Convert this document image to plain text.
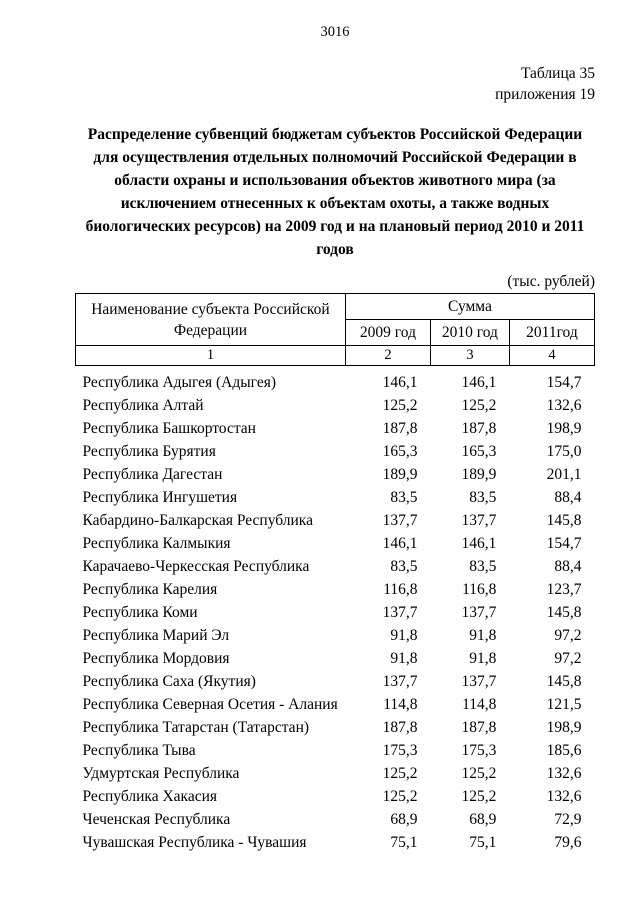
3016
Таблица 35
приложения 19
Распределение субвенций бюджетам субъектов Российской Федерации для осуществления отдельных полномочий Российской Федерации в области охраны и использования объектов животного мира (за исключением отнесенных к объектам охоты, а также водных биологических ресурсов) на 2009 год и на плановый период 2010 и 2011 годов
(тыс. рублей)
Наименование субъекта Российской Федерации	Сумма		
	2009 год	2010 год	2011год
1	2	3	4
Республика Адыгея (Адыгея)	146,1	146,1	154,7
Республика Алтай	125,2	125,2	132,6
Республика Башкортостан	187,8	187,8	198,9
Республика Бурятия	165,3	165,3	175,0
Республика Дагестан	189,9	189,9	201,1
Республика Ингушетия	83,5	83,5	88,4
Кабардино-Балкарская Республика	137,7	137,7	145,8
Республика Калмыкия	146,1	146,1	154,7
Карачаево-Черкесская Республика	83,5	83,5	88,4
Республика Карелия	116,8	116,8	123,7
Республика Коми	137,7	137,7	145,8
Республика Марий Эл	91,8	91,8	97,2
Республика Мордовия	91,8	91,8	97,2
Республика Саха (Якутия)	137,7	137,7	145,8
Республика Северная Осетия - Алания	114,8	114,8	121,5
Республика Татарстан (Татарстан)	187,8	187,8	198,9
Республика Тыва	175,3	175,3	185,6
Удмуртская Республика	125,2	125,2	132,6
Республика Хакасия	125,2	125,2	132,6
Чеченская Республика	68,9	68,9	72,9
Чувашская Республика - Чувашия	75,1	75,1	79,6
